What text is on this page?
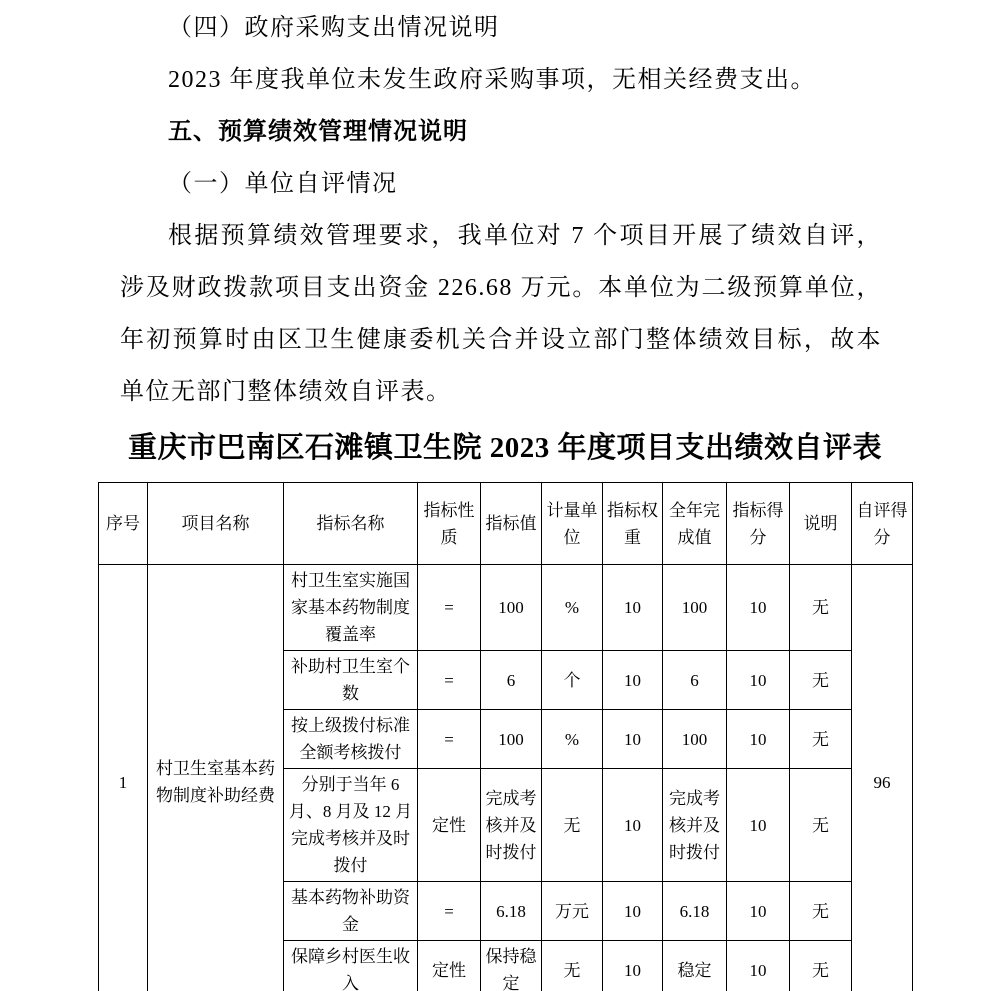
（四）政府采购支出情况说明

2023 年度我单位未发生政府采购事项，无相关经费支出。

五、预算绩效管理情况说明

（一）单位自评情况

根据预算绩效管理要求，我单位对 7 个项目开展了绩效自评，涉及财政拨款项目支出资金 226.68 万元。本单位为二级预算单位，年初预算时由区卫生健康委机关合并设立部门整体绩效目标，故本单位无部门整体绩效自评表。

重庆市巴南区石滩镇卫生院 2023 年度项目支出绩效自评表
序号	项目名称	指标名称	指标性质	指标值	计量单位	指标权重	全年完成值	指标得分	说明	自评得分
1	村卫生室基本药物制度补助经费	村卫生室实施国家基本药物制度覆盖率	=	100	%	10	100	10	无	96
		补助村卫生室个数	=	6	个	10	6	10	无	
		按上级拨付标准全额考核拨付	=	100	%	10	100	10	无	
		分别于当年 6 月、8 月及 12 月完成考核并及时拨付	定性	完成考核并及时拨付	无	10	完成考核并及时拨付	10	无	
		基本药物补助资金	=	6.18	万元	10	6.18	10	无	
		保障乡村医生收入	定性	保持稳定	无	10	稳定	10	无	
